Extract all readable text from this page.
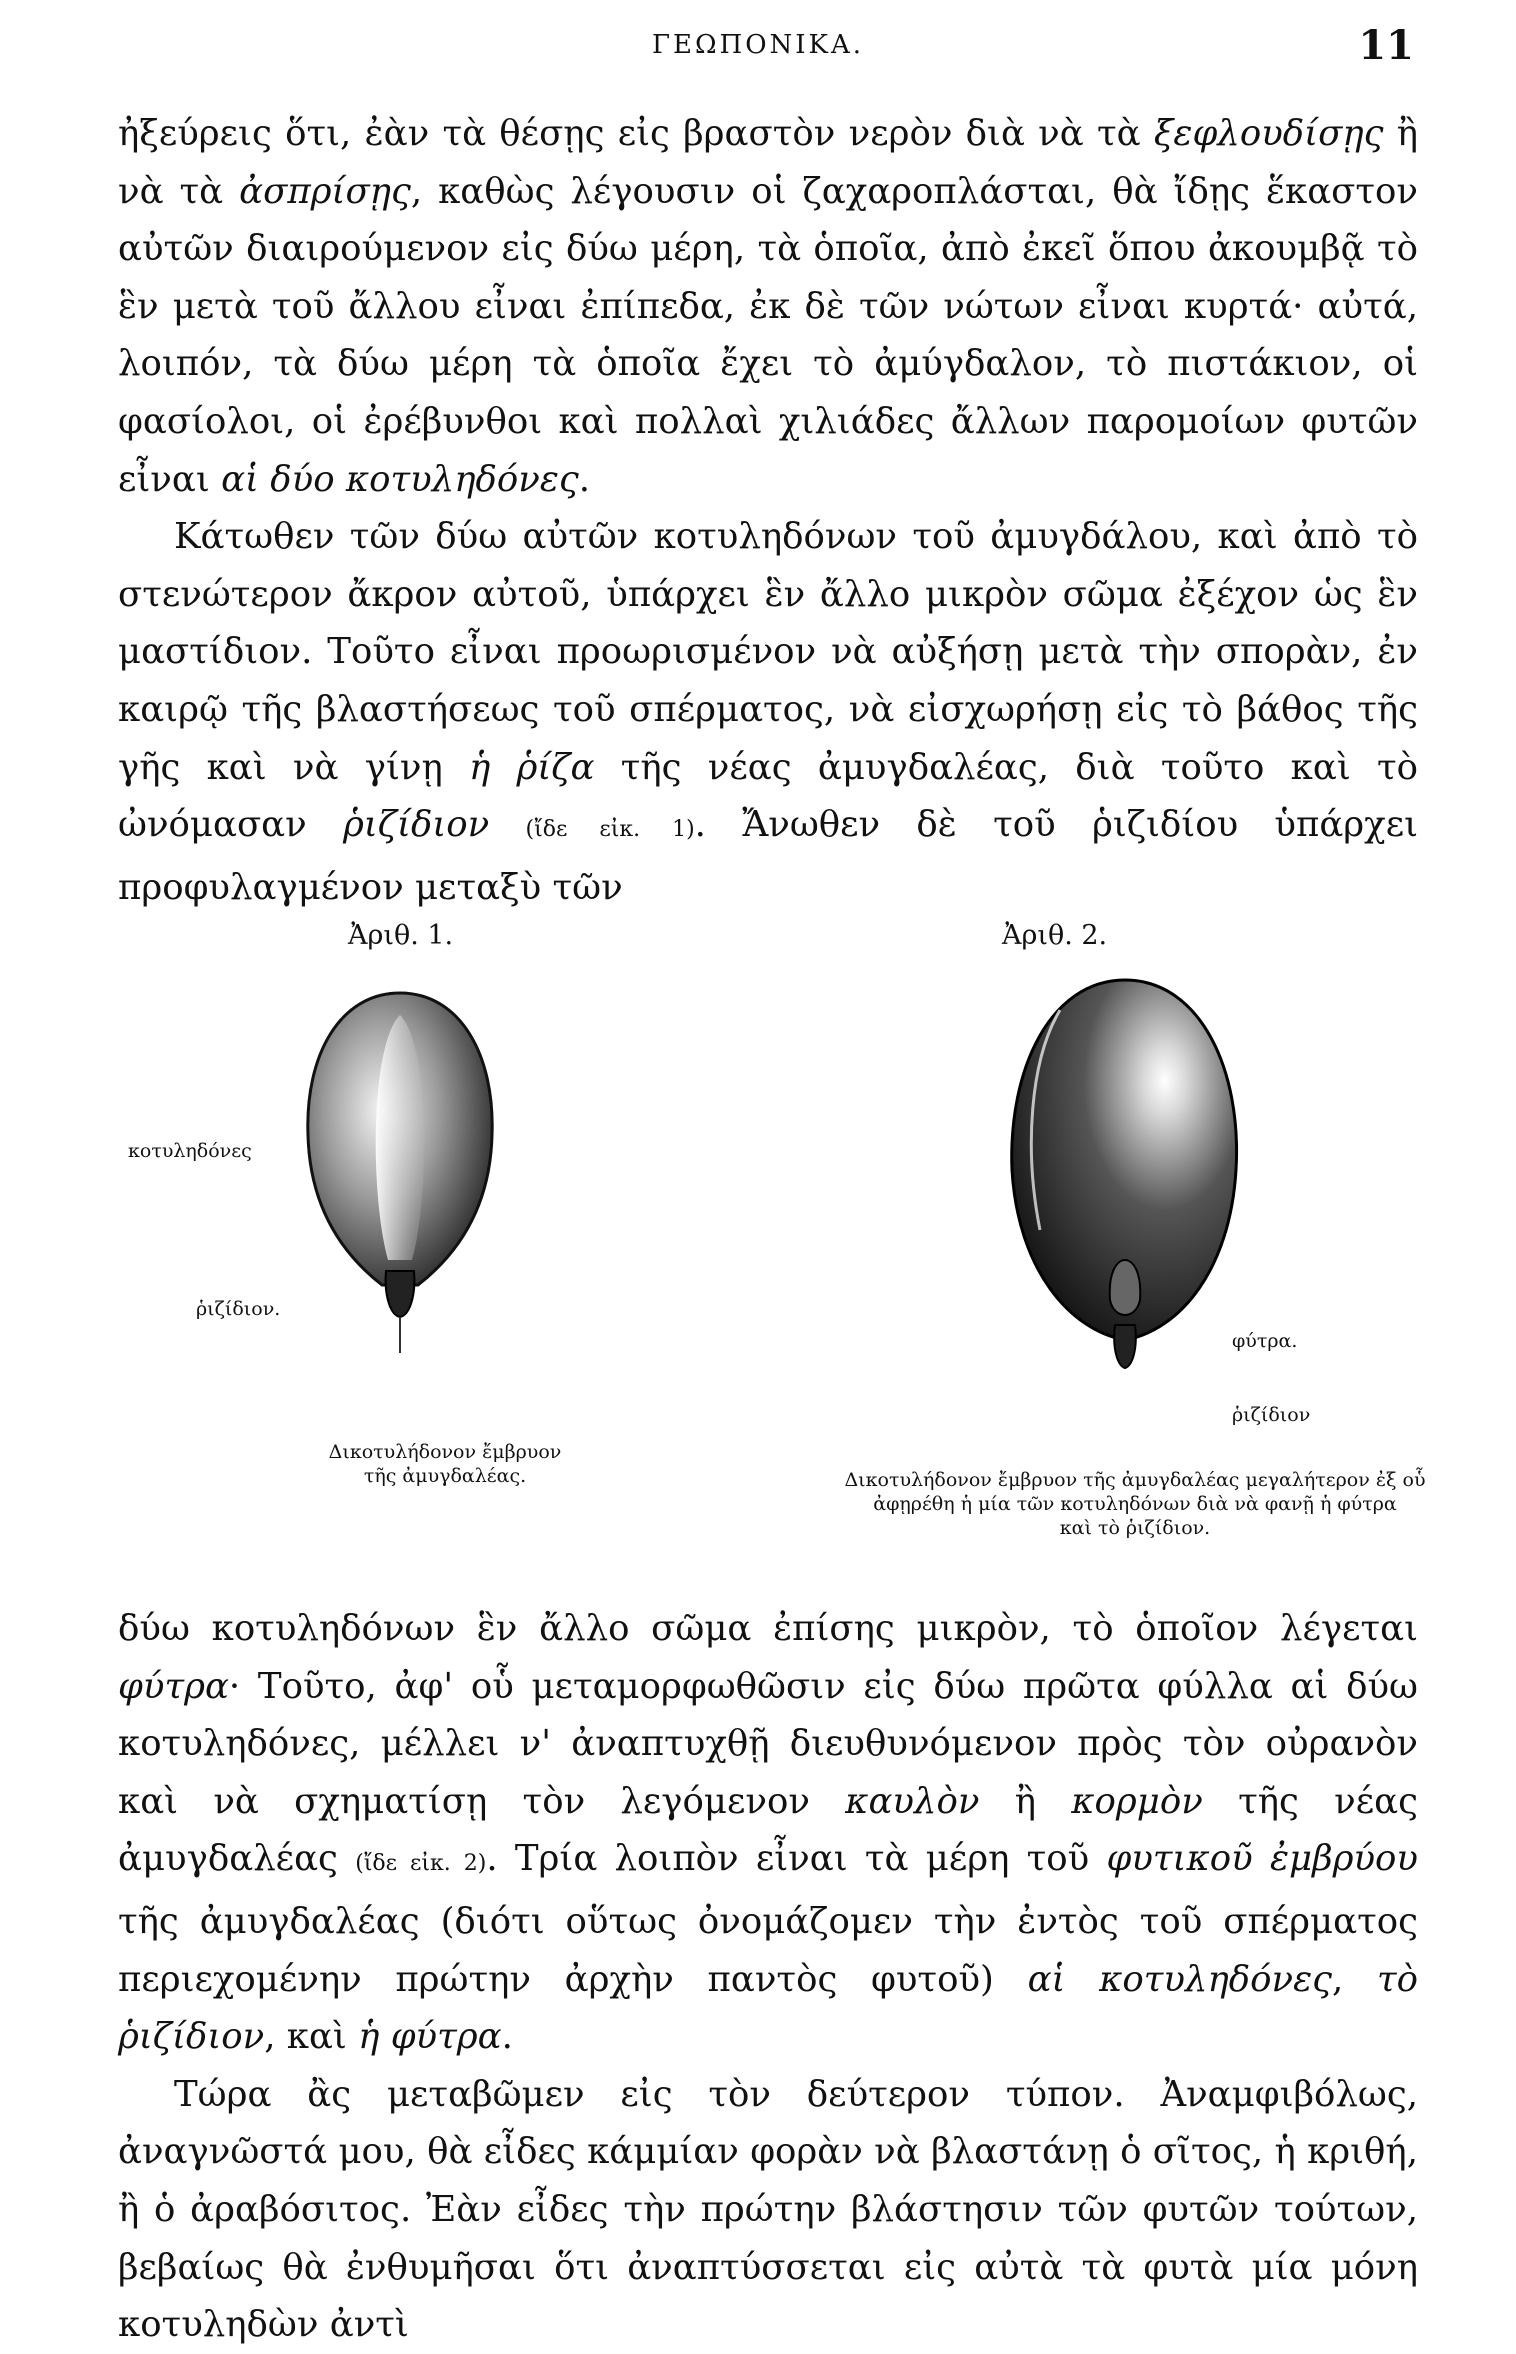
ΓΕΩΠΟΝΙΚΑ.	11

ἠξεύρεις ὅτι, ἐὰν τὰ θέσῃς εἰς βραστὸν νερὸν διὰ νὰ τὰ ξεφλουδίσῃς ἢ νὰ τὰ ἀσπρίσῃς, καθὼς λέγουσιν οἱ ζαχαροπλάσται, θὰ ἴδῃς ἕκαστον αὐτῶν διαιρούμενον εἰς δύω μέρη, τὰ ὁποῖα, ἀπὸ ἐκεῖ ὅπου ἀκουμβᾷ τὸ ἓν μετὰ τοῦ ἄλλου εἶναι ἐπίπεδα, ἐκ δὲ τῶν νώτων εἶναι κυρτά· αὐτά, λοιπόν, τὰ δύω μέρη τὰ ὁποῖα ἔχει τὸ ἀμύγδαλον, τὸ πιστάκιον, οἱ φασίολοι, οἱ ἐρέβυνθοι καὶ πολλαὶ χιλιάδες ἄλλων παρομοίων φυτῶν εἶναι αἱ δύο κοτυληδόνες.

Κάτωθεν τῶν δύω αὐτῶν κοτυληδόνων τοῦ ἀμυγδάλου, καὶ ἀπὸ τὸ στενώτερον ἄκρον αὐτοῦ, ὑπάρχει ἓν ἄλλο μικρὸν σῶμα ἐξέχον ὡς ἓν μαστίδιον. Τοῦτο εἶναι προωρισμένον νὰ αὐξήσῃ μετὰ τὴν σπορὰν, ἐν καιρῷ τῆς βλαστήσεως τοῦ σπέρματος, νὰ εἰσχωρήσῃ εἰς τὸ βάθος τῆς γῆς καὶ νὰ γίνῃ ἡ ῥίζα τῆς νέας ἀμυγδαλέας, διὰ τοῦτο καὶ τὸ ὠνόμασαν ῥιζίδιον (ἴδε εἰκ. 1). Ἄνωθεν δὲ τοῦ ῥιζιδίου ὑπάρχει προφυλαγμένον μεταξὺ τῶν

Ἀριθ. 1.
κοτυληδόνες
ῥιζίδιον.
Δικοτυλήδονον ἔμβρυον
τῆς ἀμυγδαλέας.
Ἀριθ. 2.
φύτρα.
ῥιζίδιον
Δικοτυλήδονον ἔμβρυον τῆς ἀμυγδαλέας μεγαλήτερον ἐξ οὗ
ἀφῃρέθη ἡ μία τῶν κοτυληδόνων διὰ νὰ φανῇ ἡ φύτρα
καὶ τὸ ῥιζίδιον.

δύω κοτυληδόνων ἓν ἄλλο σῶμα ἐπίσης μικρὸν, τὸ ὁποῖον λέγεται φύτρα· Τοῦτο, ἀφ' οὗ μεταμορφωθῶσιν εἰς δύω πρῶτα φύλλα αἱ δύω κοτυληδόνες, μέλλει ν' ἀναπτυχθῇ διευθυνόμενον πρὸς τὸν οὐρανὸν καὶ νὰ σχηματίσῃ τὸν λεγόμενον καυλὸν ἢ κορμὸν τῆς νέας ἀμυγδαλέας (ἴδε εἰκ. 2). Τρία λοιπὸν εἶναι τὰ μέρη τοῦ φυτικοῦ ἐμβρύου τῆς ἀμυγδαλέας (διότι οὕτως ὀνομάζομεν τὴν ἐντὸς τοῦ σπέρματος περιεχομένην πρώτην ἀρχὴν παντὸς φυτοῦ) αἱ κοτυληδόνες, τὸ ῥιζίδιον, καὶ ἡ φύτρα.

Τώρα ἂς μεταβῶμεν εἰς τὸν δεύτερον τύπον. Ἀναμφιβόλως, ἀναγνῶστά μου, θὰ εἶδες κάμμίαν φορὰν νὰ βλαστάνῃ ὁ σῖτος, ἡ κριθή, ἢ ὁ ἀραβόσιτος. Ἐὰν εἶδες τὴν πρώτην βλάστησιν τῶν φυτῶν τούτων, βεβαίως θὰ ἐνθυμῆσαι ὅτι ἀναπτύσσεται εἰς αὐτὰ τὰ φυτὰ μία μόνη κοτυληδὼν ἀντὶ
